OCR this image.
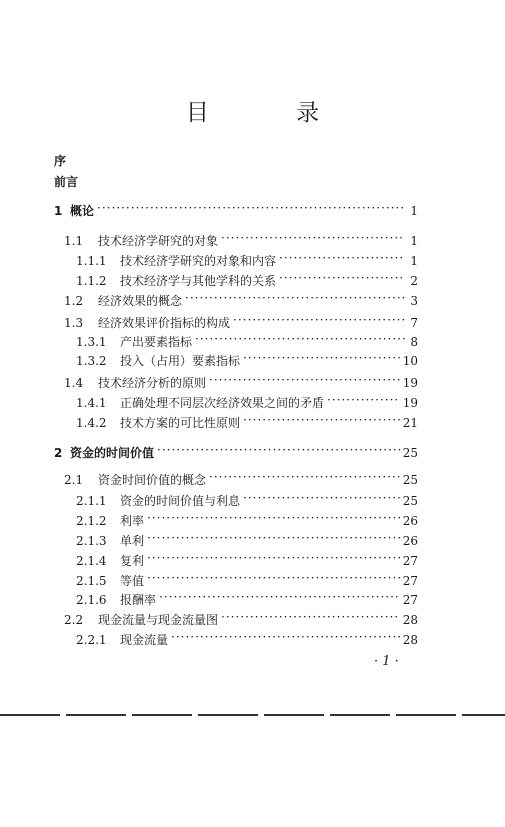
目 录
序
前言
1 概论 ·····	1
1.1	技术经济学研究的对象 ·····	1
1.1.1	技术经济学研究的对象和内容 ·····	1
1.1.2	技术经济学与其他学科的关系 ·····	2
1.2	经济效果的概念 ·····	3
1.3	经济效果评价指标的构成 ·····	7
1.3.1	产出要素指标 ·····	8
1.3.2	投入（占用）要素指标 ·····	10
1.4	技术经济分析的原则 ·····	19
1.4.1	正确处理不同层次经济效果之间的矛盾 ·····	19
1.4.2	技术方案的可比性原则 ·····	21
2 资金的时间价值 ·····	25
2.1	资金时间价值的概念 ·····	25
2.1.1	资金的时间价值与利息 ·····	25
2.1.2	利率 ·····	26
2.1.3	单利 ·····	26
2.1.4	复利 ·····	27
2.1.5	等值 ·····	27
2.1.6	报酬率 ·····	27
2.2	现金流量与现金流量图 ·····	28
2.2.1	现金流量 ·····	28
· 1 ·
